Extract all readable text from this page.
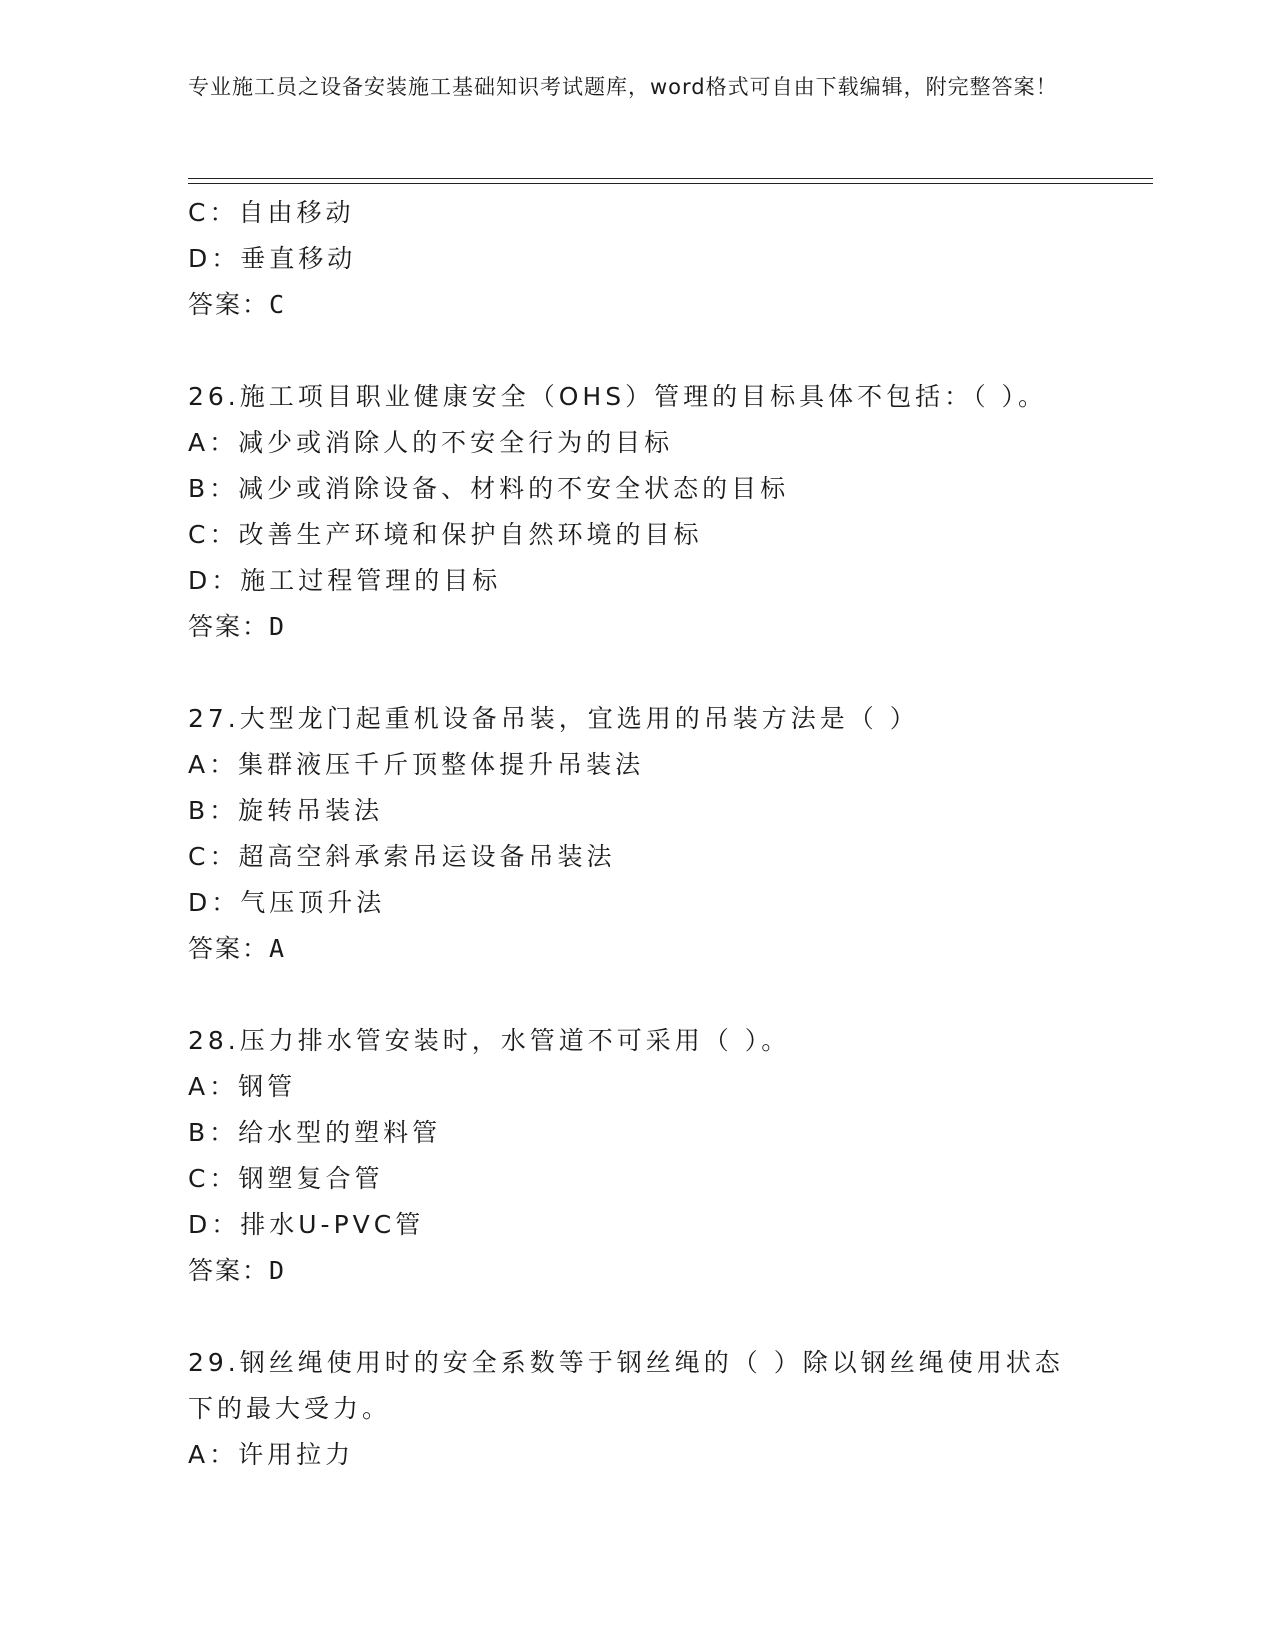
专业施工员之设备安装施工基础知识考试题库，word格式可自由下载编辑，附完整答案！
C：自由移动
D：垂直移动
答案：C
26.施工项目职业健康安全（OHS）管理的目标具体不包括：（ ）。
A：减少或消除人的不安全行为的目标
B：减少或消除设备、材料的不安全状态的目标
C：改善生产环境和保护自然环境的目标
D：施工过程管理的目标
答案：D
27.大型龙门起重机设备吊装，宜选用的吊装方法是（ ）
A：集群液压千斤顶整体提升吊装法
B：旋转吊装法
C：超高空斜承索吊运设备吊装法
D：气压顶升法
答案：A
28.压力排水管安装时，水管道不可采用（ ）。
A：钢管
B：给水型的塑料管
C：钢塑复合管
D：排水U-PVC管
答案：D
29.钢丝绳使用时的安全系数等于钢丝绳的（ ）除以钢丝绳使用状态
下的最大受力。
A：许用拉力
